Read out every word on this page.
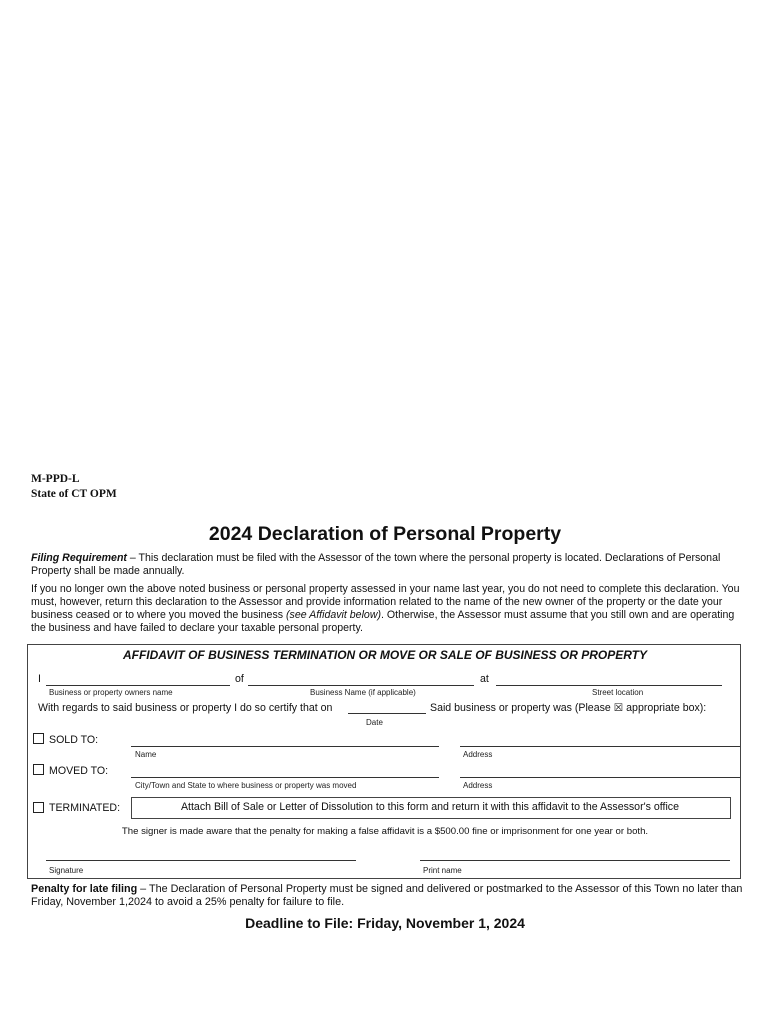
M-PPD-L
State of CT OPM
2024 Declaration of Personal Property
Filing Requirement – This declaration must be filed with the Assessor of the town where the personal property is located. Declarations of Personal Property shall be made annually.
If you no longer own the above noted business or personal property assessed in your name last year, you do not need to complete this declaration. You must, however, return this declaration to the Assessor and provide information related to the name of the new owner of the property or the date your business ceased or to where you moved the business (see Affidavit below). Otherwise, the Assessor must assume that you still own and are operating the business and have failed to declare your taxable personal property.
AFFIDAVIT OF BUSINESS TERMINATION OR MOVE OR SALE OF BUSINESS OR PROPERTY
I	of	at
Business or property owners name	Business Name (if applicable)	Street location
With regards to said business or property I do so certify that on	Said business or property was (Please ☒ appropriate box):
Date
SOLD TO:
Name	Address
MOVED TO:
City/Town and State to where business or property was moved	Address
TERMINATED:	Attach Bill of Sale or Letter of Dissolution to this form and return it with this affidavit to the Assessor's office
The signer is made aware that the penalty for making a false affidavit is a $500.00 fine or imprisonment for one year or both.
Signature	Print name
Penalty for late filing – The Declaration of Personal Property must be signed and delivered or postmarked to the Assessor of this Town no later than Friday, November 1,2024 to avoid a 25% penalty for failure to file.
Deadline to File: Friday, November 1, 2024
